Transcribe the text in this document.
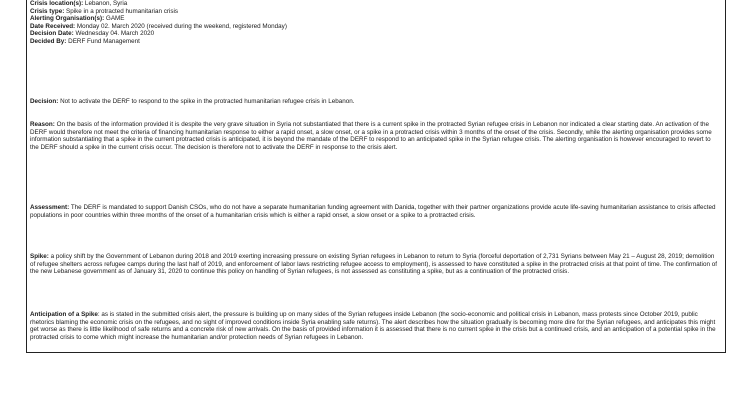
Crisis location(s): Lebanon, Syria
Crisis type: Spike in a protracted humanitarian crisis
Alerting Organisation(s): GAME
Date Received: Monday 02. March 2020 (received during the weekend, registered Monday)
Decision Date: Wednesday 04. March 2020
Decided By: DERF Fund Management

Decision: Not to activate the DERF to respond to the spike in the protracted humanitarian refugee crisis in Lebanon.

Reason: On the basis of the information provided it is despite the very grave situation in Syria not substantiated that there is a current spike in the protracted Syrian refugee crisis in Lebanon nor indicated a clear starting date. An activation of the DERF would therefore not meet the criteria of financing humanitarian response to either a rapid onset, a slow onset, or a spike in a protracted crisis within 3 months of the onset of the crisis. Secondly, while the alerting organisation provides some information substantiating that a spike in the current protracted crisis is anticipated, it is beyond the mandate of the DERF to respond to an anticipated spike in the Syrian refugee crisis. The alerting organisation is however encouraged to revert to the DERF should a spike in the current crisis occur. The decision is therefore not to activate the DERF in response to the crisis alert.

Assessment: The DERF is mandated to support Danish CSOs, who do not have a separate humanitarian funding agreement with Danida, together with their partner organizations provide acute life-saving humanitarian assistance to crisis affected populations in poor countries within three months of the onset of a humanitarian crisis which is either a rapid onset, a slow onset or a spike to a protracted crisis.

Spike: a policy shift by the Government of Lebanon during 2018 and 2019 exerting increasing pressure on existing Syrian refugees in Lebanon to return to Syria (forceful deportation of 2,731 Syrians between May 21 – August 28, 2019; demolition of refugee shelters across refugee camps during the last half of 2019, and enforcement of labor laws restricting refugee access to employment), is assessed to have constituted a spike in the protracted crisis at that point of time. The confirmation of the new Lebanese government as of January 31, 2020 to continue this policy on handling of Syrian refugees, is not assessed as constituting a spike, but as a continuation of the protracted crisis.

Anticipation of a Spike: as is stated in the submitted crisis alert, the pressure is building up on many sides of the Syrian refugees inside Lebanon (the socio-economic and political crisis in Lebanon, mass protests since October 2019, public rhetorics blaming the economic crisis on the refugees, and no sight of improved conditions inside Syria enabling safe returns). The alert describes how the situation gradually is becoming more dire for the Syrian refugees, and anticipates this might get worse as there is little likelihood of safe returns and a concrete risk of new arrivals. On the basis of provided information it is assessed that there is no current spike in the crisis but a continued crisis, and an anticipation of a potential spike in the protracted crisis to come which might increase the humanitarian and/or protection needs of Syrian refugees in Lebanon.
